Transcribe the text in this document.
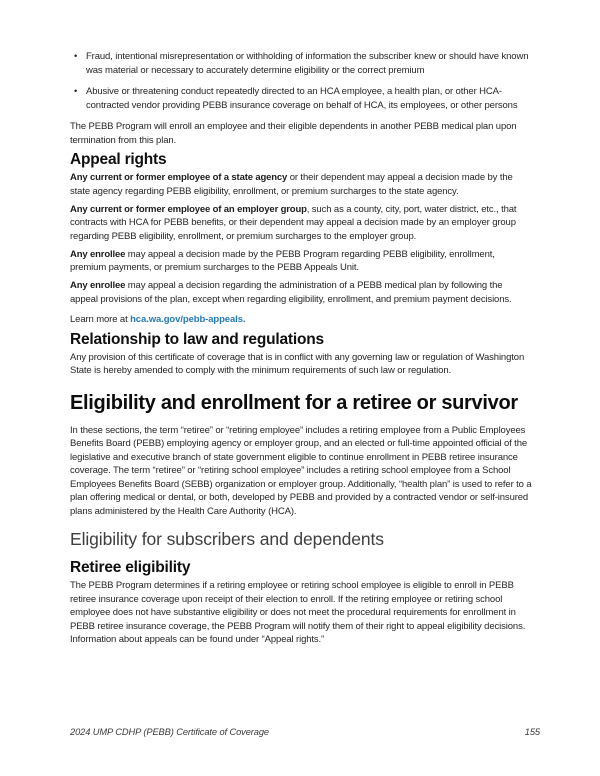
• Fraud, intentional misrepresentation or withholding of information the subscriber knew or should have known was material or necessary to accurately determine eligibility or the correct premium
• Abusive or threatening conduct repeatedly directed to an HCA employee, a health plan, or other HCA-contracted vendor providing PEBB insurance coverage on behalf of HCA, its employees, or other persons

The PEBB Program will enroll an employee and their eligible dependents in another PEBB medical plan upon termination from this plan.

Appeal rights

Any current or former employee of a state agency or their dependent may appeal a decision made by the state agency regarding PEBB eligibility, enrollment, or premium surcharges to the state agency.

Any current or former employee of an employer group, such as a county, city, port, water district, etc., that contracts with HCA for PEBB benefits, or their dependent may appeal a decision made by an employer group regarding PEBB eligibility, enrollment, or premium surcharges to the employer group.

Any enrollee may appeal a decision made by the PEBB Program regarding PEBB eligibility, enrollment, premium payments, or premium surcharges to the PEBB Appeals Unit.

Any enrollee may appeal a decision regarding the administration of a PEBB medical plan by following the appeal provisions of the plan, except when regarding eligibility, enrollment, and premium payment decisions.

Learn more at hca.wa.gov/pebb-appeals.

Relationship to law and regulations

Any provision of this certificate of coverage that is in conflict with any governing law or regulation of Washington State is hereby amended to comply with the minimum requirements of such law or regulation.

Eligibility and enrollment for a retiree or survivor

In these sections, the term “retiree” or “retiring employee” includes a retiring employee from a Public Employees Benefits Board (PEBB) employing agency or employer group, and an elected or full-time appointed official of the legislative and executive branch of state government eligible to continue enrollment in PEBB retiree insurance coverage. The term “retiree” or “retiring school employee” includes a retiring school employee from a School Employees Benefits Board (SEBB) organization or employer group. Additionally, “health plan” is used to refer to a plan offering medical or dental, or both, developed by PEBB and provided by a contracted vendor or self-insured plans administered by the Health Care Authority (HCA).

Eligibility for subscribers and dependents
Retiree eligibility

The PEBB Program determines if a retiring employee or retiring school employee is eligible to enroll in PEBB retiree insurance coverage upon receipt of their election to enroll. If the retiring employee or retiring school employee does not have substantive eligibility or does not meet the procedural requirements for enrollment in PEBB retiree insurance coverage, the PEBB Program will notify them of their right to appeal eligibility decisions. Information about appeals can be found under “Appeal rights.”

2024 UMP CDHP (PEBB) Certificate of Coverage	155
